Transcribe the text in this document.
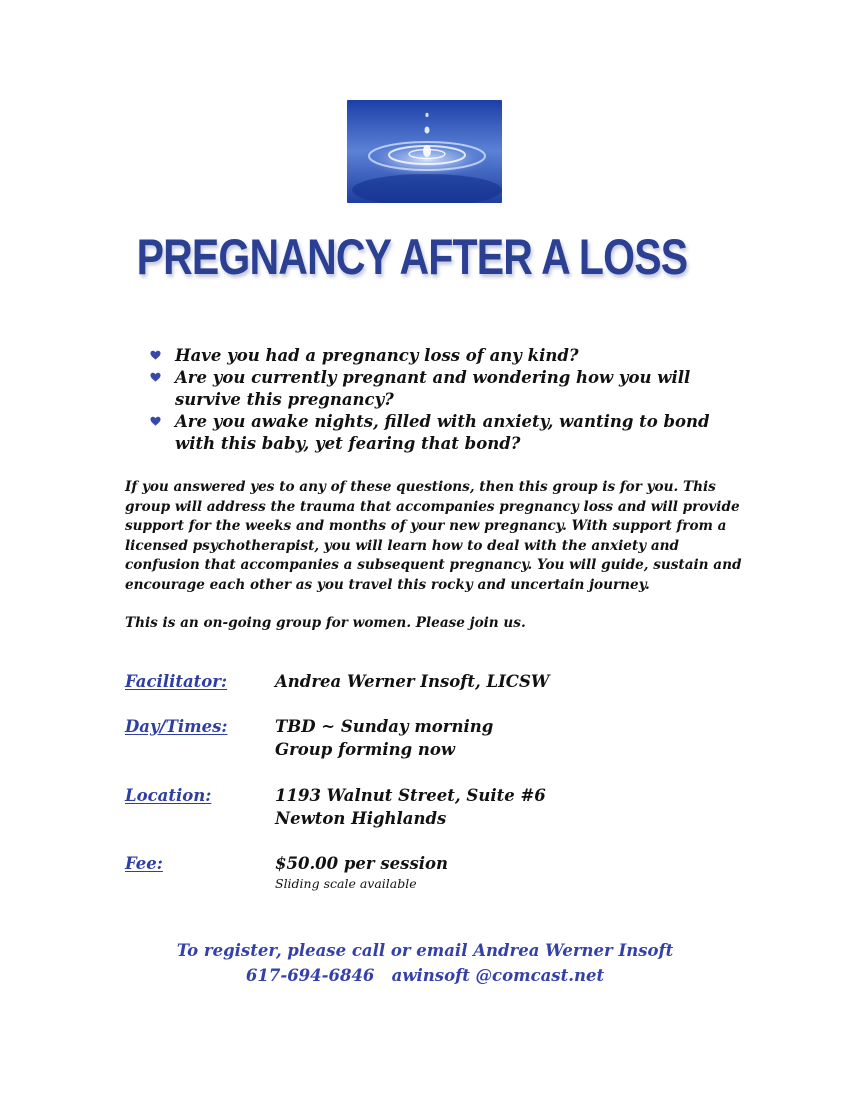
PREGNANCY AFTER A LOSS
Have you had a pregnancy loss of any kind?
Are you currently pregnant and wondering how you will survive this pregnancy?
Are you awake nights, filled with anxiety, wanting to bond with this baby, yet fearing that bond?

If you answered yes to any of these questions, then this group is for you. This group will address the trauma that accompanies pregnancy loss and will provide support for the weeks and months of your new pregnancy. With support from a licensed psychotherapist, you will learn how to deal with the anxiety and confusion that accompanies a subsequent pregnancy. You will guide, sustain and encourage each other as you travel this rocky and uncertain journey.

This is an on-going group for women. Please join us.

Facilitator:	Andrea Werner Insoft, LICSW
Day/Times:	TBD ~ Sunday morning
Group forming now
Location:	1193 Walnut Street, Suite #6
Newton Highlands
Fee:	$50.00 per session
Sliding scale available
To register, please call or email Andrea Werner Insoft
617-694-6846   awinsoft @comcast.net
